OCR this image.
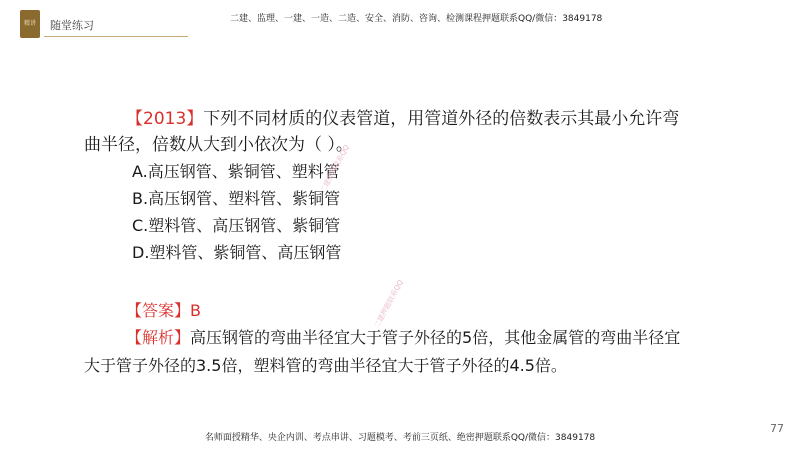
精讲 随堂练习	二建、监理、一建、一造、二造、安全、消防、咨询、检测课程押题联系QQ/微信：3849178
【2013】下列不同材质的仪表管道，用管道外径的倍数表示其最小允许弯曲半径，倍数从大到小依次为（ ）。
A.高压钢管、紫铜管、塑料管
B.高压钢管、塑料管、紫铜管
C.塑料管、高压钢管、紫铜管
D.塑料管、紫铜管、高压钢管
【答案】B
【解析】高压钢管的弯曲半径宜大于管子外径的5倍，其他金属管的弯曲半径宜大于管子外径的3.5倍，塑料管的弯曲半径宜大于管子外径的4.5倍。
二建押题联系QQ
二建押题联系QQ
77
名师面授精华、央企内训、考点串讲、习题模考、考前三页纸、绝密押题联系QQ/微信：3849178
